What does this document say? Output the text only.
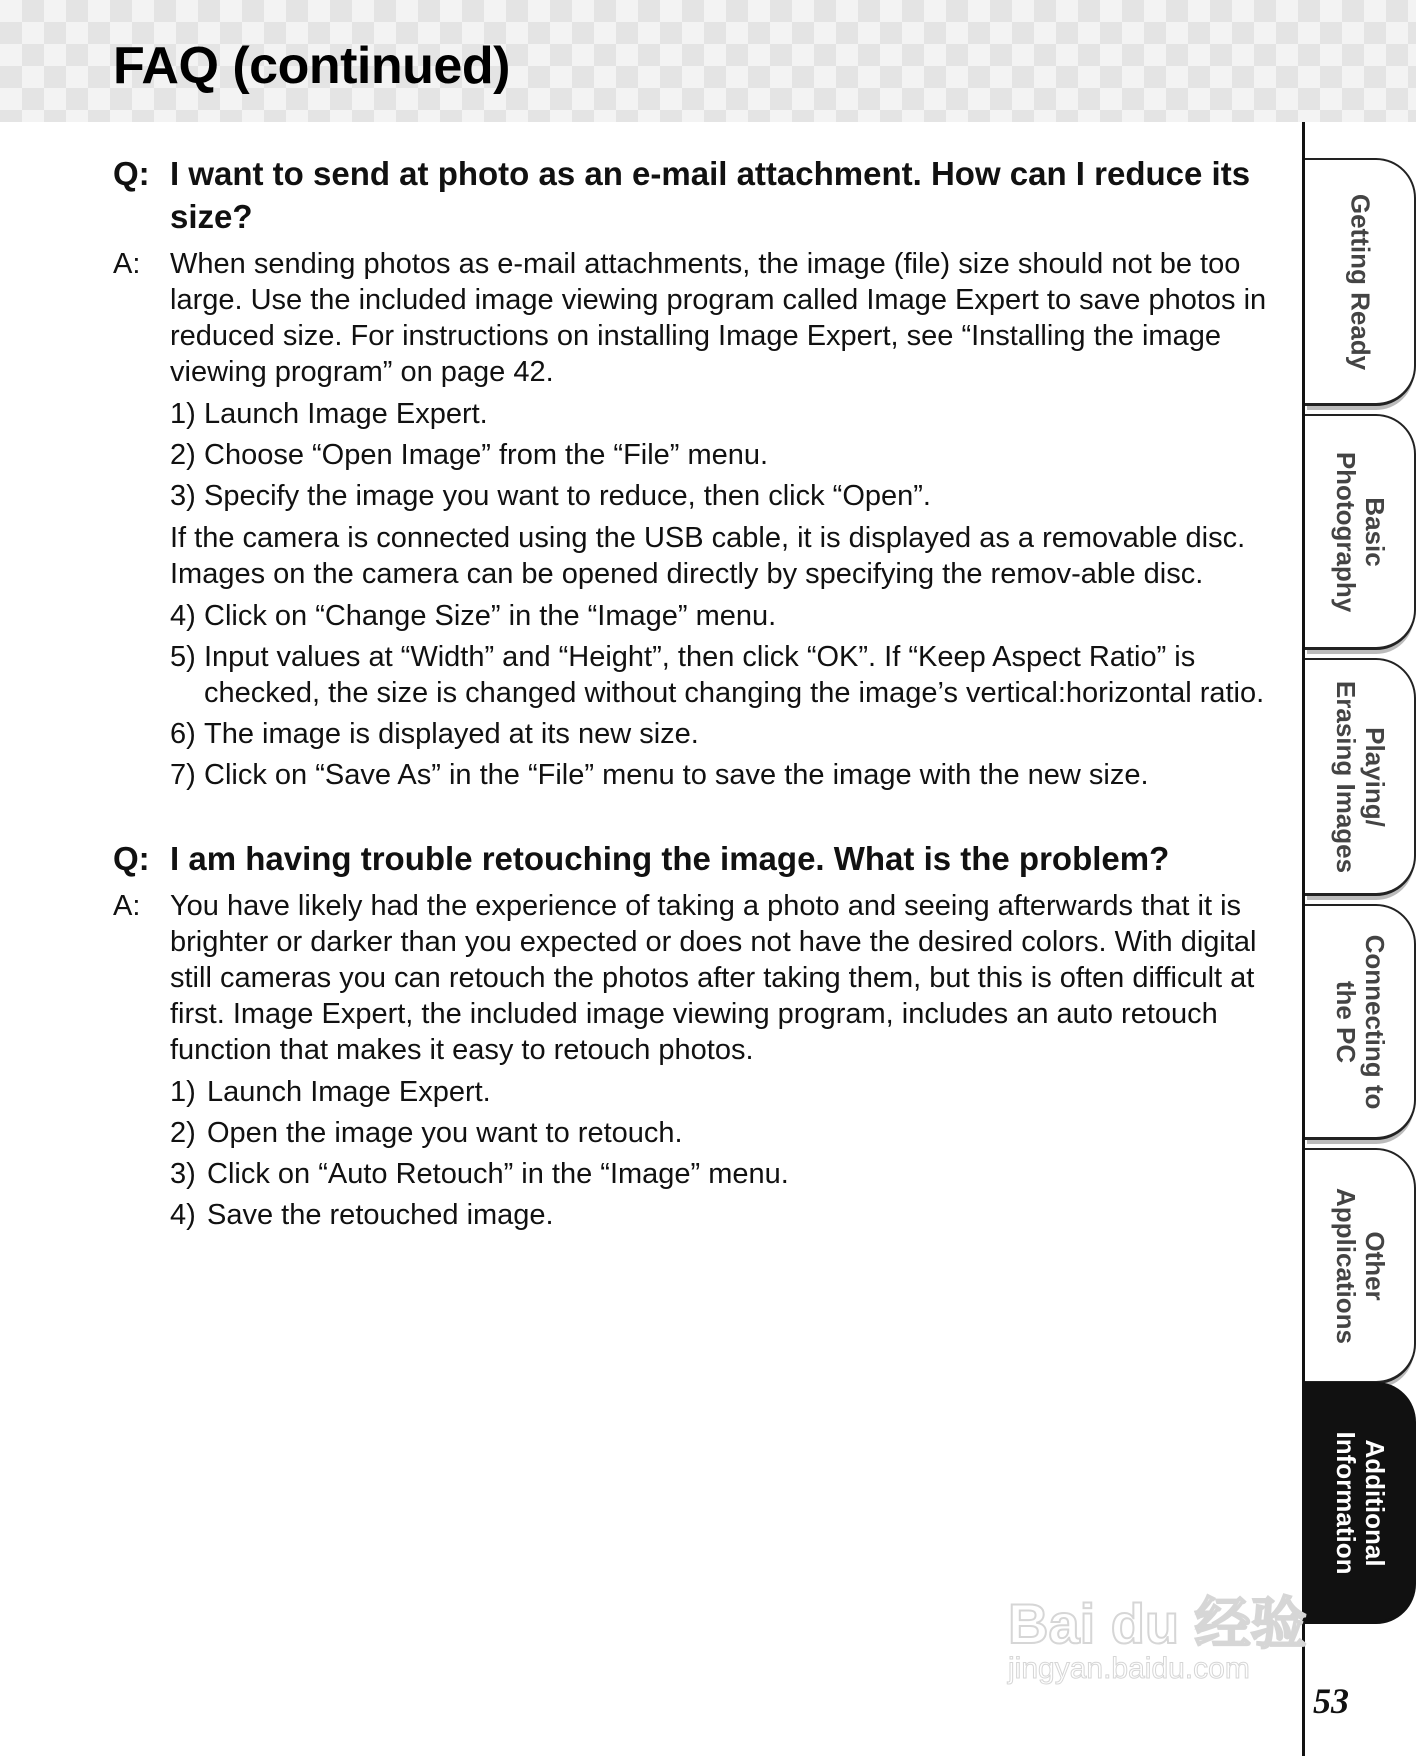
FAQ (continued)
Q: I want to send at photo as an e-mail attachment. How can I reduce its size?
A:	When sending photos as e-mail attachments, the image (file) size should not be too large. Use the included image viewing program called Image Expert to save photos in reduced size. For instructions on installing Image Expert, see “Installing the image viewing program” on page 42.
1) Launch Image Expert.
2) Choose “Open Image” from the “File” menu.
3) Specify the image you want to reduce, then click “Open”.
If the camera is connected using the USB cable, it is displayed as a removable disc. Images on the camera can be opened directly by specifying the remov-able disc.
4) Click on “Change Size” in the “Image” menu.
5) Input values at “Width” and “Height”, then click “OK”. If “Keep Aspect Ratio” is checked, the size is changed without changing the image’s vertical:horizontal ratio.
6) The image is displayed at its new size.
7) Click on “Save As” in the “File” menu to save the image with the new size.
Q: I am having trouble retouching the image. What is the problem?
A:	You have likely had the experience of taking a photo and seeing afterwards that it is brighter or darker than you expected or does not have the desired colors. With digital still cameras you can retouch the photos after taking them, but this is often difficult at first. Image Expert, the included image viewing program, includes an auto retouch function that makes it easy to retouch photos.
1) Launch Image Expert.
2) Open the image you want to retouch.
3) Click on “Auto Retouch” in the “Image” menu.
4) Save the retouched image.
Getting Ready
Basic
Photography
Playing/
Erasing Images
Connecting to
the PC
Other
Applications
Additional
Information
Bai du 经验
jingyan.baidu.com
53
